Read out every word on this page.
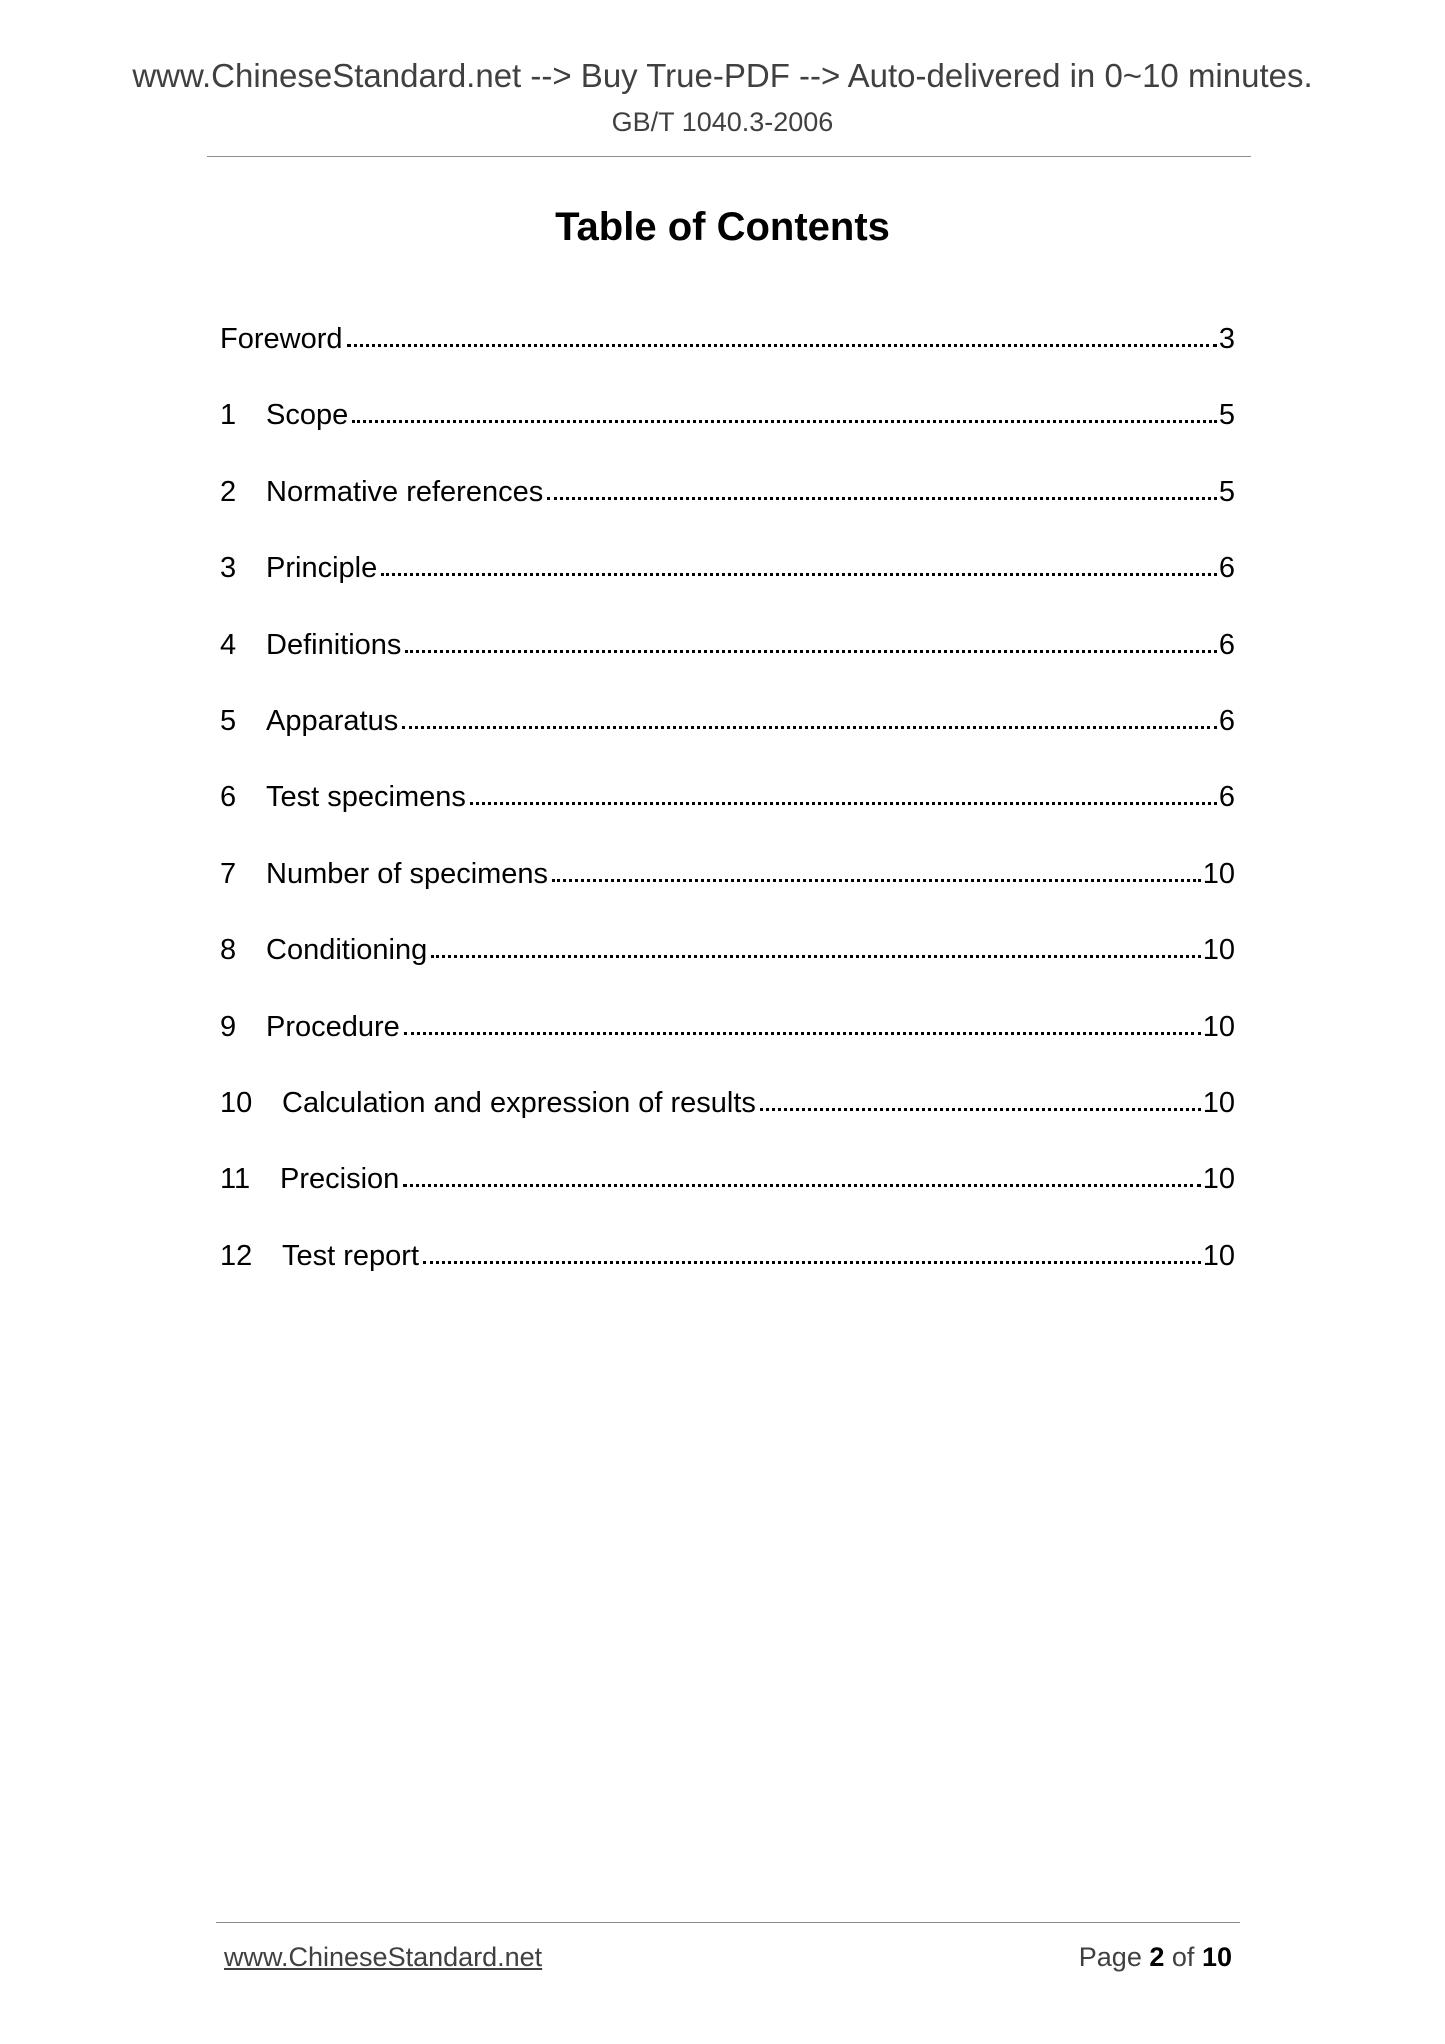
www.ChineseStandard.net --> Buy True-PDF --> Auto-delivered in 0~10 minutes.
GB/T 1040.3-2006
Table of Contents
Foreword	3
1	Scope	5
2	Normative references	5
3	Principle	6
4	Definitions	6
5	Apparatus	6
6	Test specimens	6
7	Number of specimens	10
8	Conditioning	10
9	Procedure	10
10	Calculation and expression of results	10
11	Precision	10
12	Test report	10
www.ChineseStandard.net	Page 2 of 10
